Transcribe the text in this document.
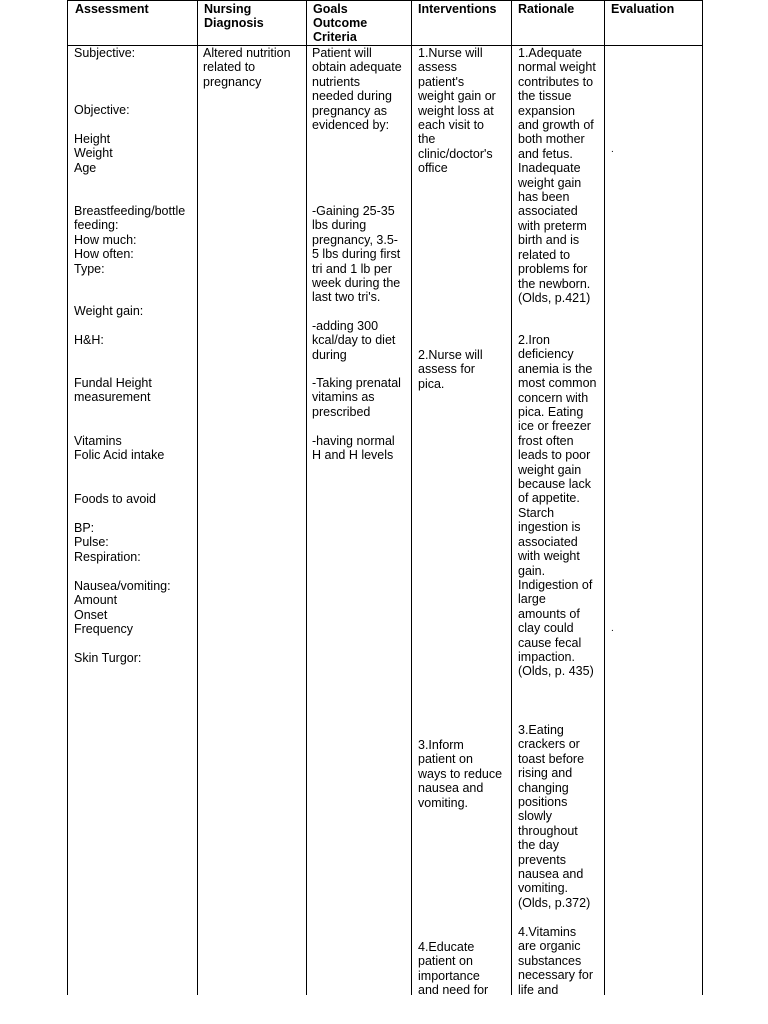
Assessment	Nursing
Diagnosis
Goals
Outcome
Criteria
Interventions Rationale	Evaluation
Subjective:
Objective:
Height
Weight
Age
Breastfeeding/bottle
feeding:
How much:
How often:
Type:
Weight gain:
H&H:
Fundal Height
measurement
Vitamins
Folic Acid intake
Foods to avoid
BP:
Pulse:
Respiration:
Nausea/vomiting:
Amount
Onset
Frequency
Skin Turgor:
Altered nutrition
related to
pregnancy
Patient will
obtain adequate
nutrients
needed during
pregnancy as
evidenced by:
-Gaining 25-35
lbs during
pregnancy, 3.5-
5 lbs during first
tri and 1 lb per
week during the
last two tri's.
-adding 300
kcal/day to diet
during
-Taking prenatal
vitamins as
prescribed
-having normal
H and H levels
1.Nurse will
assess
patient's
weight gain or
weight loss at
each visit to
the
clinic/doctor's
office
2.Nurse will
assess for
pica.
3.Inform
patient on
ways to reduce
nausea and
vomiting.
4.Educate
patient on
importance
and need for
1.Adequate
normal weight
contributes to
the tissue
expansion
and growth of
both mother
and fetus.
Inadequate
weight gain
has been
associated
with preterm
birth and is
related to
problems for
the newborn.
(Olds, p.421)
2.Iron
deficiency
anemia is the
most common
concern with
pica. Eating
ice or freezer
frost often
leads to poor
weight gain
because lack
of appetite.
Starch
ingestion is
associated
with weight
gain.
Indigestion of
large
amounts of
clay could
cause fecal
impaction.
(Olds, p. 435)
3.Eating
crackers or
toast before
rising and
changing
positions
slowly
throughout
the day
prevents
nausea and
vomiting.
(Olds, p.372)
4.Vitamins
are organic
substances
necessary for
life and
.
.
